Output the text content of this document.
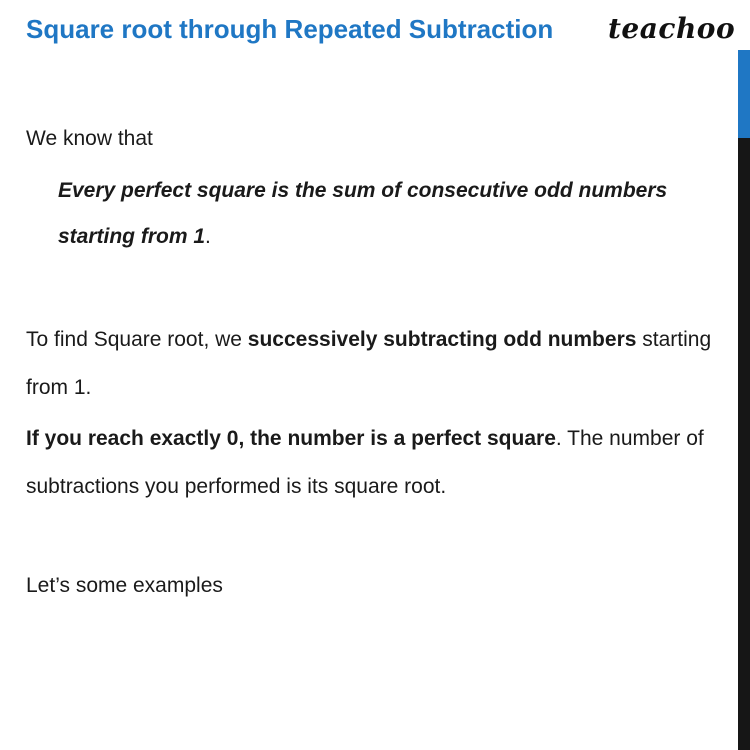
Square root through Repeated Subtraction teachoo
We know that
Every perfect square is the sum of consecutive odd numbers starting from 1.
To find Square root, we successively subtracting odd numbers starting from 1.
If you reach exactly 0, the number is a perfect square. The number of subtractions you performed is its square root.
Let’s some examples
